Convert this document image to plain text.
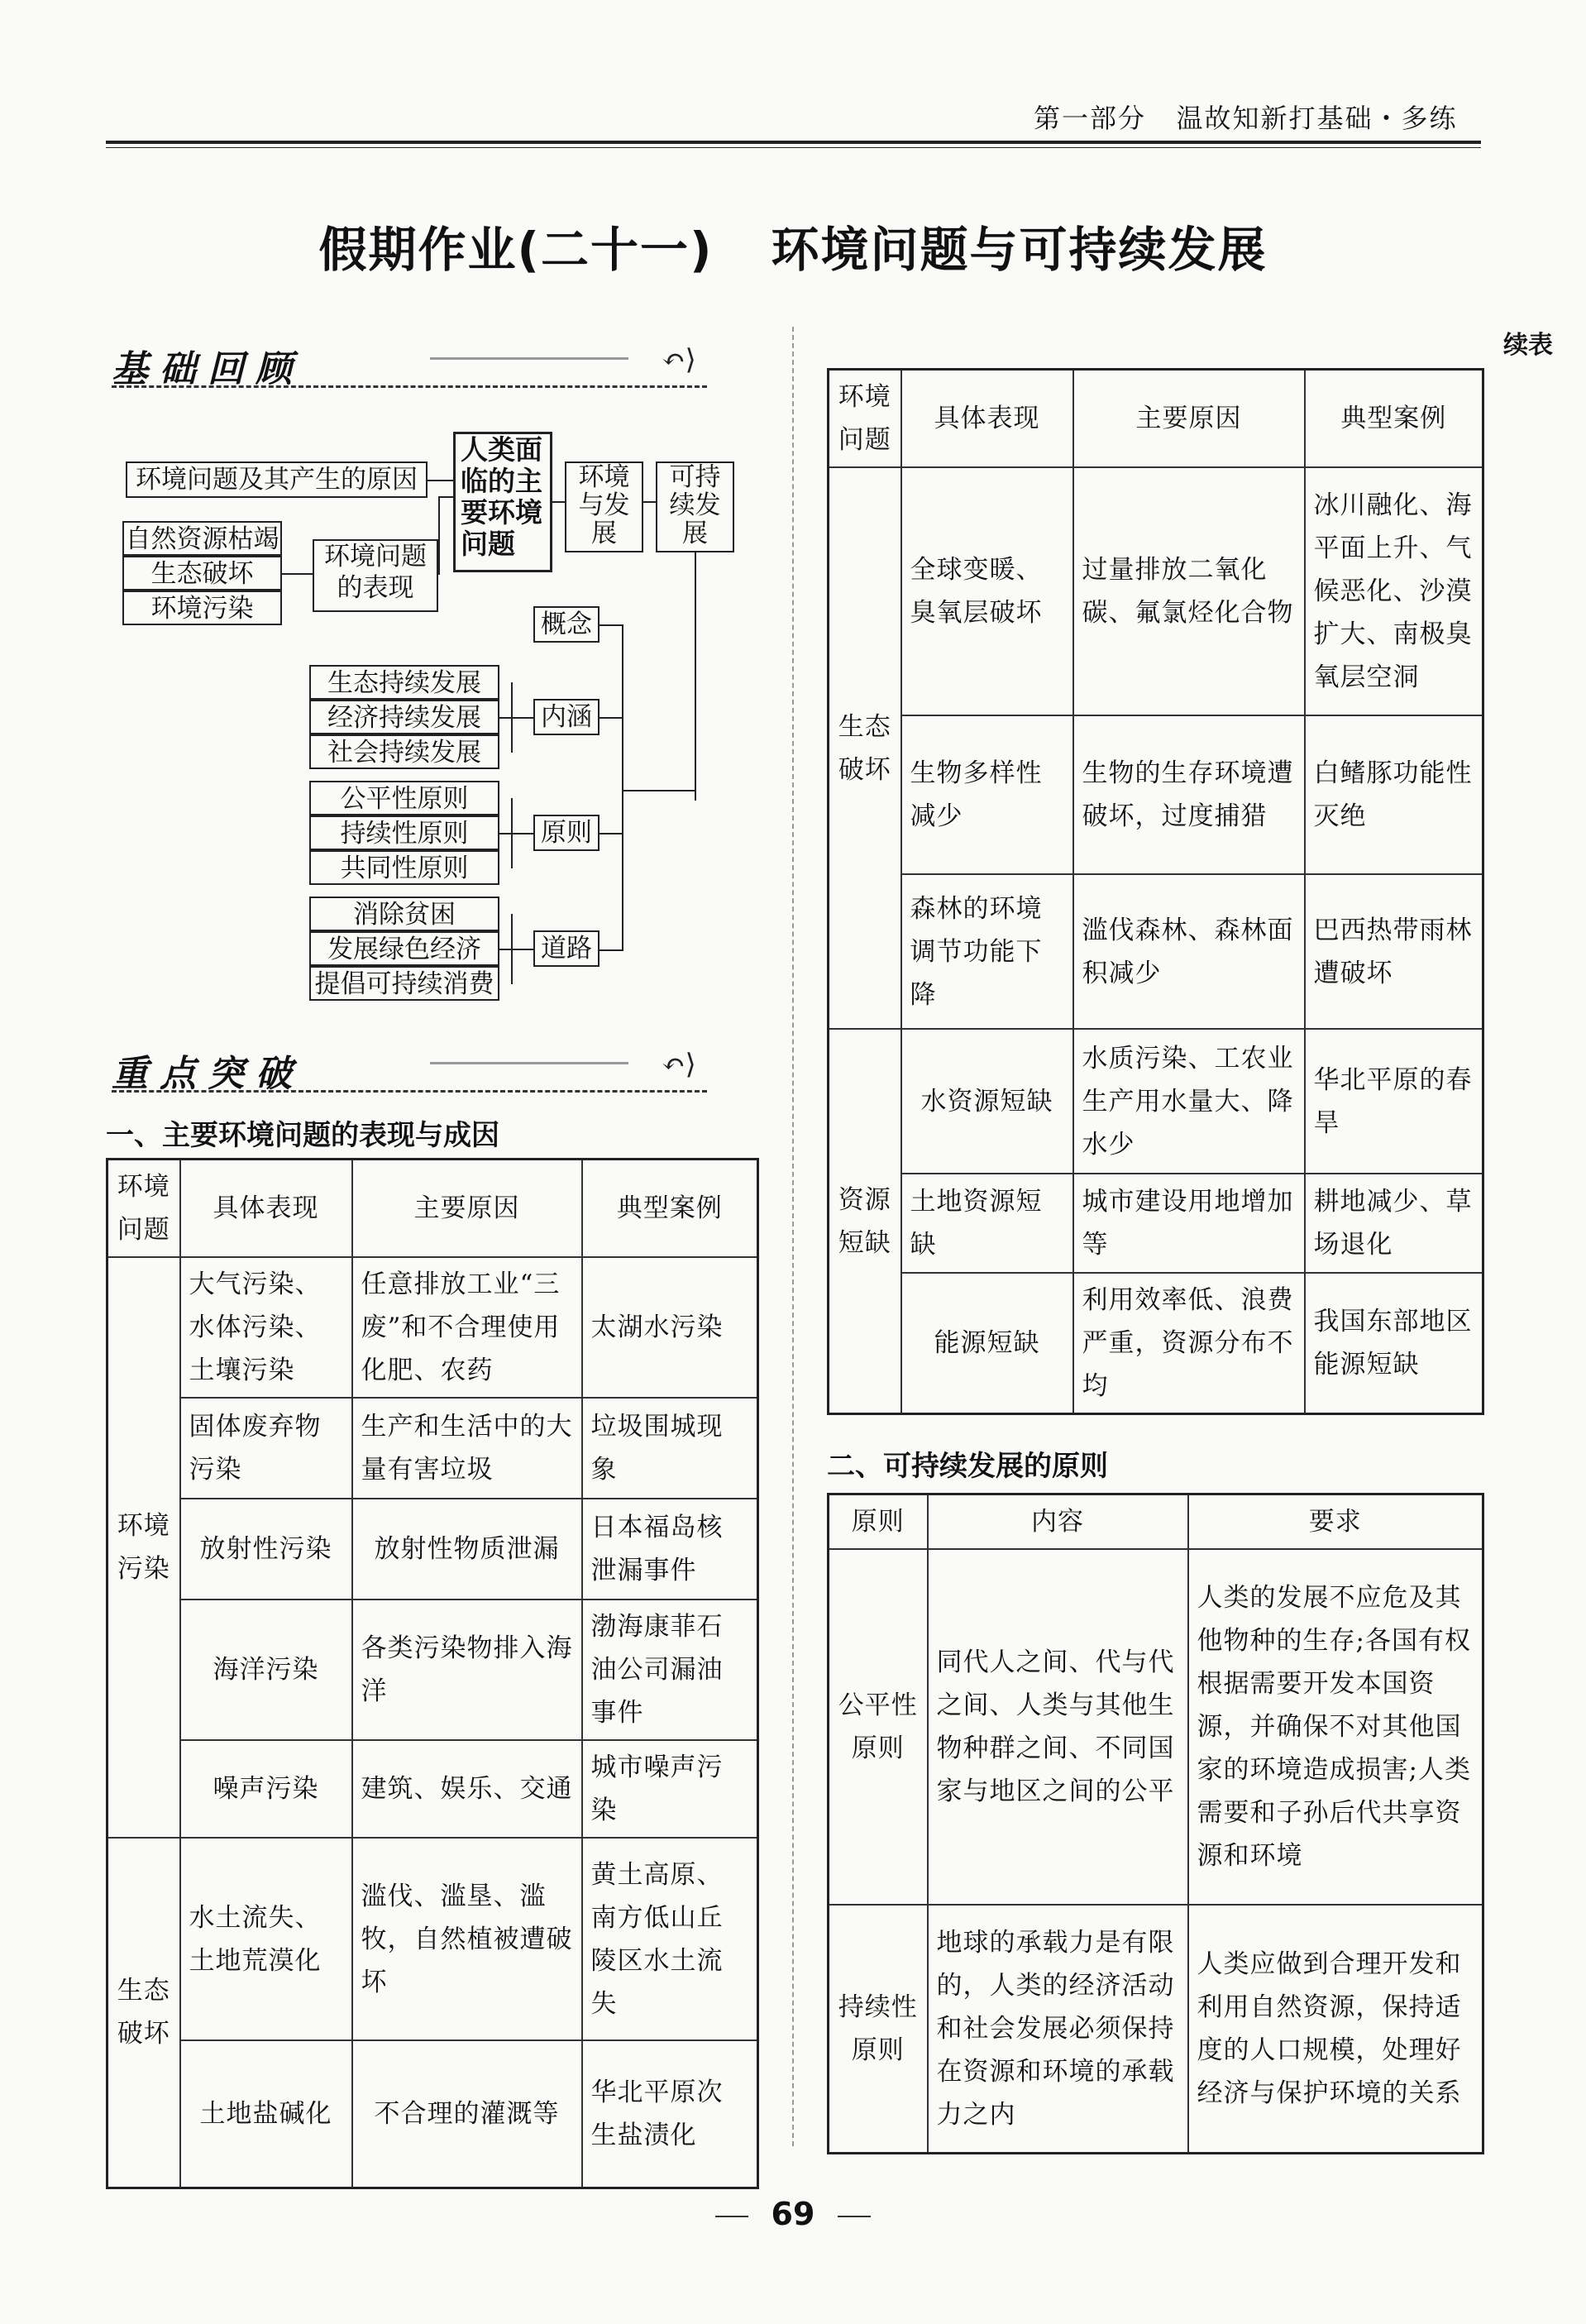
第一部分 温故知新打基础・多练
假期作业(二十一) 环境问题与可持续发展
基础回顾	↶⟩
环境问题及其产生的原因
人类面临的主要环境问题
环境与发展
可持续发展
自然资源枯竭
生态破坏
环境污染
环境问题的表现
概念
生态持续发展
经济持续发展
社会持续发展
内涵
公平性原则
持续性原则
共同性原则
原则
消除贫困
发展绿色经济
提倡可持续消费
道路
重点突破	↶⟩
一、主要环境问题的表现与成因
环境问题	具体表现	主要原因	典型案例
环境污染	大气污染、水体污染、土壤污染	任意排放工业“三废”和不合理使用化肥、农药	太湖水污染
	固体废弃物污染	生产和生活中的大量有害垃圾	垃圾围城现象
	放射性污染	放射性物质泄漏	日本福岛核泄漏事件
	海洋污染	各类污染物排入海洋	渤海康菲石油公司漏油事件
	噪声污染	建筑、娱乐、交通	城市噪声污染
生态破坏	水土流失、土地荒漠化	滥伐、滥垦、滥牧，自然植被遭破坏	黄土高原、南方低山丘陵区水土流失
	土地盐碱化	不合理的灌溉等	华北平原次生盐渍化
续表
环境问题	具体表现	主要原因	典型案例
生态破坏	全球变暖、臭氧层破坏	过量排放二氧化碳、氟氯烃化合物	冰川融化、海平面上升、气候恶化、沙漠扩大、南极臭氧层空洞
	生物多样性减少	生物的生存环境遭破坏，过度捕猎	白鳍豚功能性灭绝
	森林的环境调节功能下降	滥伐森林、森林面积减少	巴西热带雨林遭破坏
资源短缺	水资源短缺	水质污染、工农业生产用水量大、降水少	华北平原的春旱
	土地资源短缺	城市建设用地增加等	耕地减少、草场退化
	能源短缺	利用效率低、浪费严重，资源分布不均	我国东部地区能源短缺
二、可持续发展的原则
原则	内容	要求
公平性原则	同代人之间、代与代之间、人类与其他生物种群之间、不同国家与地区之间的公平	人类的发展不应危及其他物种的生存;各国有权根据需要开发本国资源，并确保不对其他国家的环境造成损害;人类需要和子孙后代共享资源和环境
持续性原则	地球的承载力是有限的，人类的经济活动和社会发展必须保持在资源和环境的承载力之内	人类应做到合理开发和利用自然资源，保持适度的人口规模，处理好经济与保护环境的关系
69
